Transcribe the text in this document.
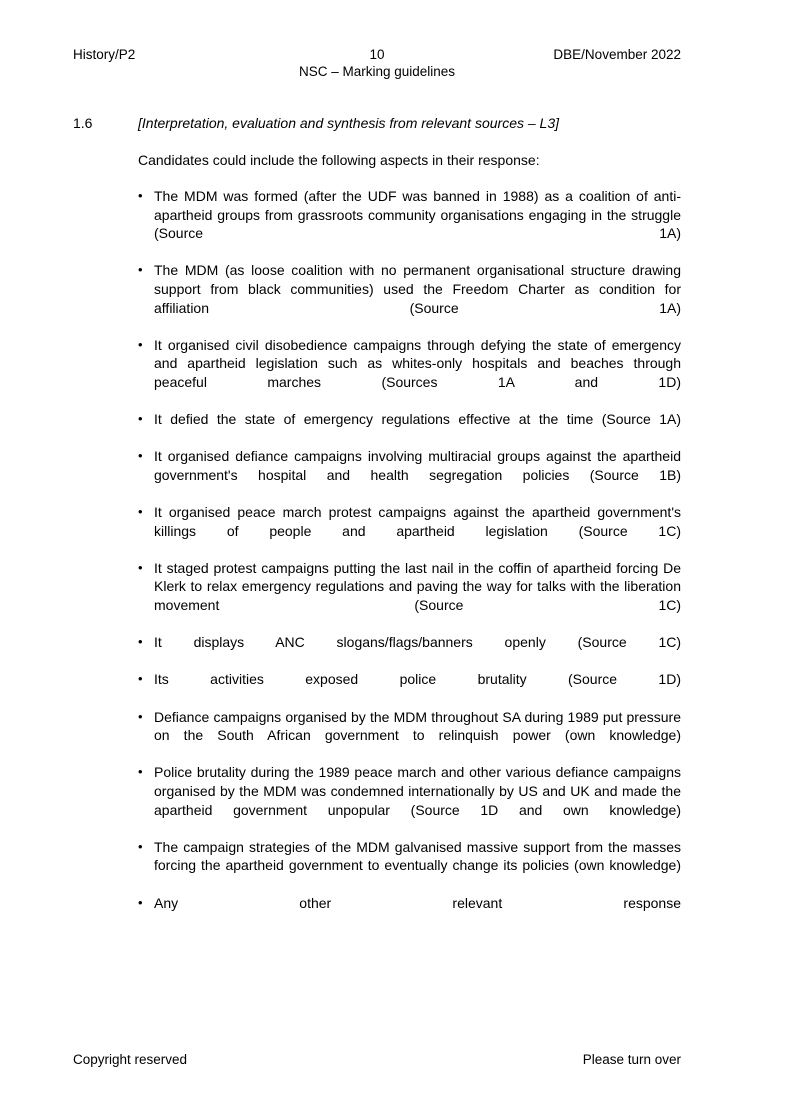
History/P2	10
NSC – Marking guidelines
DBE/November 2022
1.6	[Interpretation, evaluation and synthesis from relevant sources – L3]
Candidates could include the following aspects in their response:
• The MDM was formed (after the UDF was banned in 1988) as a coalition of anti-apartheid groups from grassroots community organisations engaging in the struggle (Source 1A)
• The MDM (as loose coalition with no permanent organisational structure drawing support from black communities) used the Freedom Charter as condition for affiliation (Source 1A)
• It organised civil disobedience campaigns through defying the state of emergency and apartheid legislation such as whites-only hospitals and beaches through peaceful marches (Sources 1A and 1D)
• It defied the state of emergency regulations effective at the time (Source 1A)
• It organised defiance campaigns involving multiracial groups against the apartheid government's hospital and health segregation policies (Source 1B)
• It organised peace march protest campaigns against the apartheid government's killings of people and apartheid legislation (Source 1C)
• It staged protest campaigns putting the last nail in the coffin of apartheid forcing De Klerk to relax emergency regulations and paving the way for talks with the liberation movement (Source 1C)
• It displays ANC slogans/flags/banners openly (Source 1C)
• Its activities exposed police brutality (Source 1D)
• Defiance campaigns organised by the MDM throughout SA during 1989 put pressure on the South African government to relinquish power (own knowledge)
• Police brutality during the 1989 peace march and other various defiance campaigns organised by the MDM was condemned internationally by US and UK and made the apartheid government unpopular (Source 1D and own knowledge)
• The campaign strategies of the MDM galvanised massive support from the masses forcing the apartheid government to eventually change its policies (own knowledge)
• Any other relevant response
Copyright reserved	Please turn over
